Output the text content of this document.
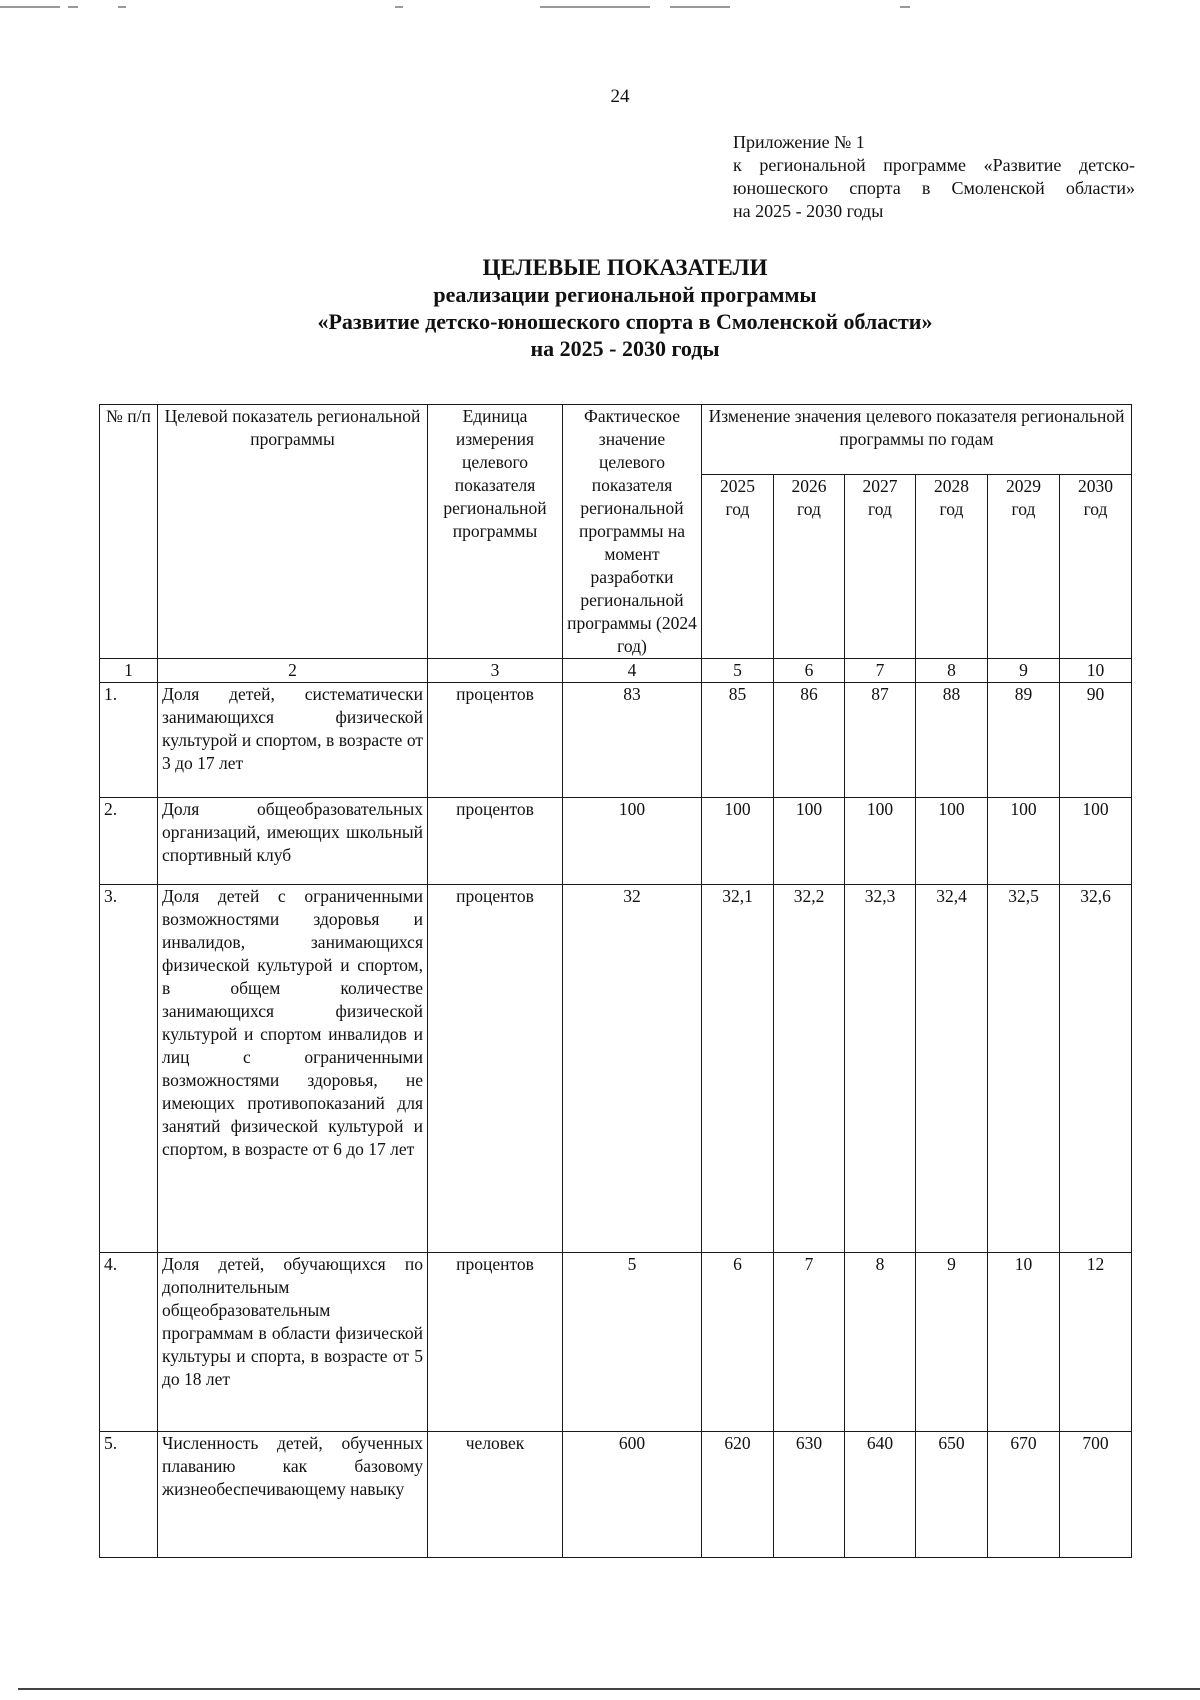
24
Приложение № 1
к региональной программе «Развитие детско-
юношеского спорта в Смоленской области»
на 2025 - 2030 годы
ЦЕЛЕВЫЕ ПОКАЗАТЕЛИ
реализации региональной программы
«Развитие детско-юношеского спорта в Смоленской области»
на 2025 - 2030 годы
№ п/п	Целевой показатель региональной программы	Единица измерения целевого показателя региональной программы	Фактическое значение целевого показателя региональной программы на момент разработки региональной программы (2024 год)	Изменение значения целевого показателя региональной программы по годам					
				2025 год	2026 год	2027 год	2028 год	2029 год	2030 год
1	2	3	4	5	6	7	8	9	10
1.	Доля детей, систематически занимающихся физической культурой и спортом, в возрасте от 3 до 17 лет	процентов	83	85	86	87	88	89	90
2.	Доля общеобразовательных организаций, имеющих школьный спортивный клуб	процентов	100	100	100	100	100	100	100
3.	Доля детей с ограниченными возможностями здоровья и инвалидов, занимающихся физической культурой и спортом, в общем количестве занимающихся физической культурой и спортом инвалидов и лиц с ограниченными возможностями здоровья, не имеющих противопоказаний для занятий физической культурой и спортом, в возрасте от 6 до 17 лет	процентов	32	32,1	32,2	32,3	32,4	32,5	32,6
4.	Доля детей, обучающихся по дополнительным общеобразовательным программам в области физической культуры и спорта, в возрасте от 5 до 18 лет	процентов	5	6	7	8	9	10	12
5.	Численность детей, обученных плаванию как базовому жизнеобеспечивающему навыку	человек	600	620	630	640	650	670	700
